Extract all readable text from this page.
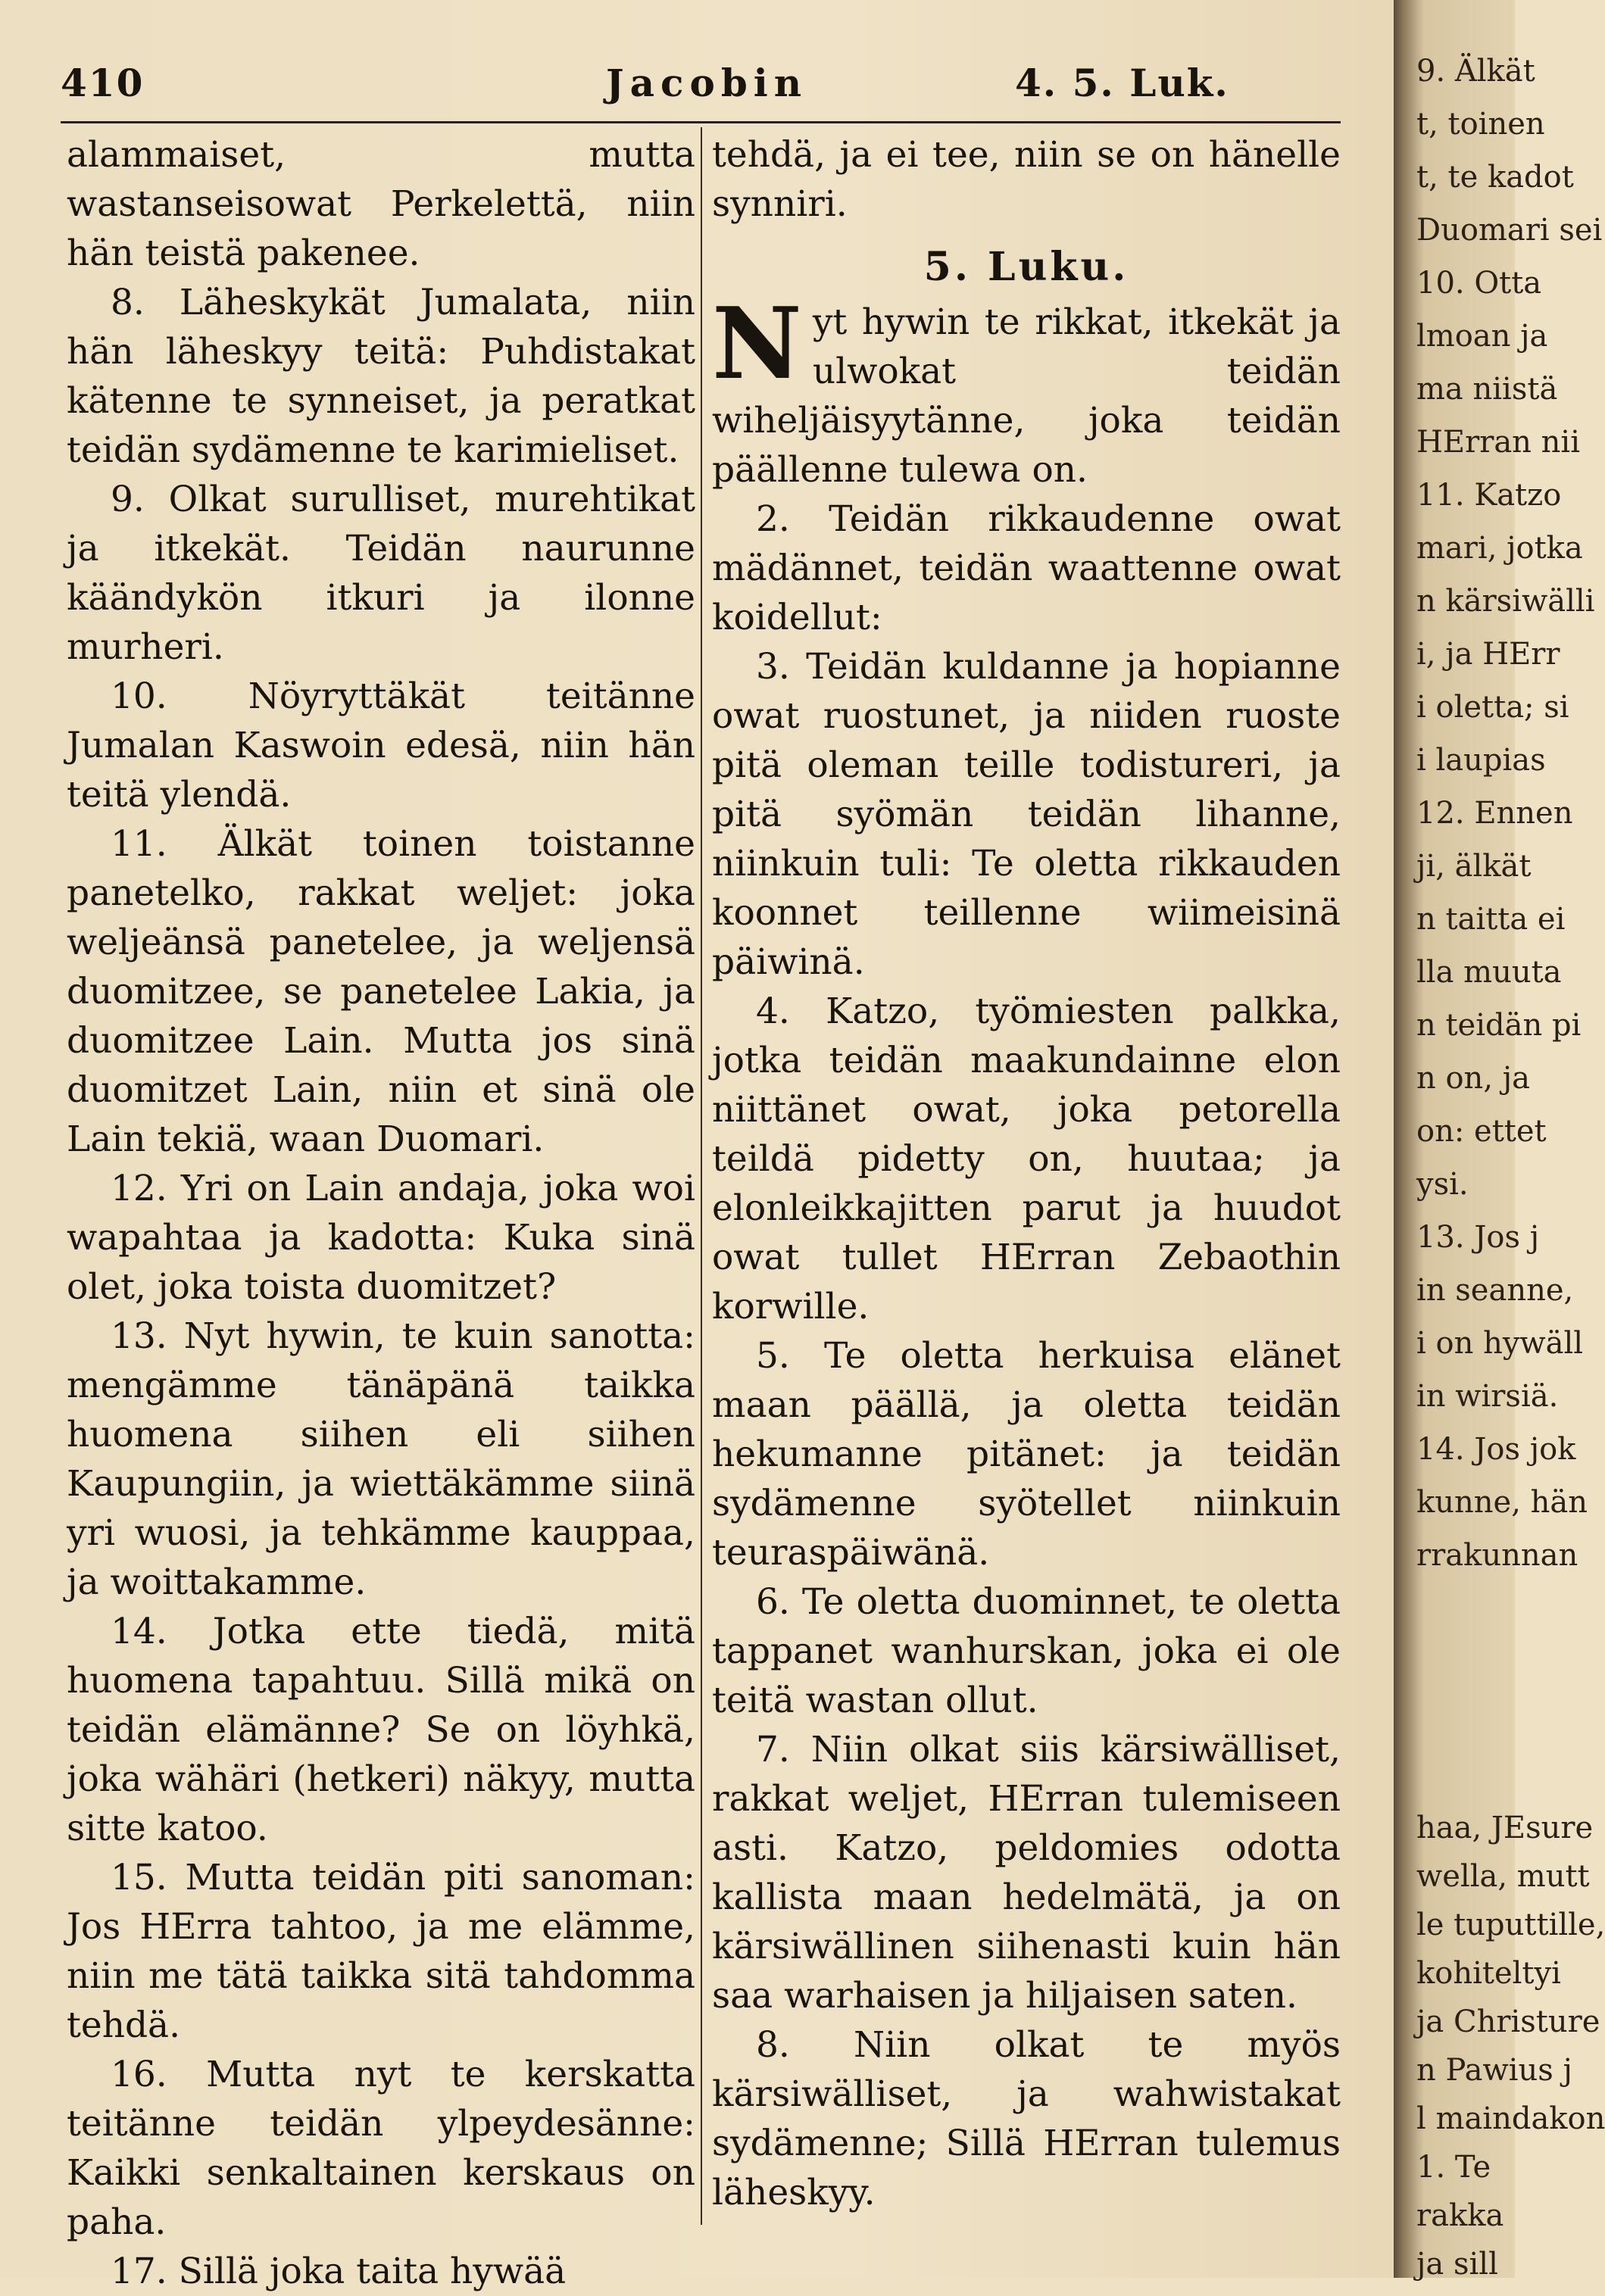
410	Jacobin	4. 5. Luk.

alammaiset, mutta wastanseisowat Perkelettä, niin hän teistä pakenee.

8. Läheskykät Jumalata, niin hän läheskyy teitä: Puhdistakat kätenne te synneiset, ja peratkat teidän sydämenne te karimieliset.

9. Olkat surulliset, murehtikat ja itkekät. Teidän naurunne käändykön itkuri ja ilonne murheri.

10. Nöyryttäkät teitänne Jumalan Kaswoin edesä, niin hän teitä ylendä.

11. Älkät toinen toistanne panetelko, rakkat weljet: joka weljeänsä panetelee, ja weljensä duomitzee, se panetelee Lakia, ja duomitzee Lain. Mutta jos sinä duomitzet Lain, niin et sinä ole Lain tekiä, waan Duomari.

12. Yri on Lain andaja, joka woi wapahtaa ja kadotta: Kuka sinä olet, joka toista duomitzet?

13. Nyt hywin, te kuin sanotta: mengämme tänäpänä taikka huomena siihen eli siihen Kaupungiin, ja wiettäkämme siinä yri wuosi, ja tehkämme kauppaa, ja woittakamme.

14. Jotka ette tiedä, mitä huomena tapahtuu. Sillä mikä on teidän elämänne? Se on löyhkä, joka wähäri (hetkeri) näkyy, mutta sitte katoo.

15. Mutta teidän piti sanoman: Jos HErra tahtoo, ja me elämme, niin me tätä taikka sitä tahdomma tehdä.

16. Mutta nyt te kerskatta teitänne teidän ylpeydesänne: Kaikki senkaltainen kerskaus on paha.

17. Sillä joka taita hywää

tehdä, ja ei tee, niin se on hänelle synniri.

5. Luku.

Nyt hywin te rikkat, itkekät ja ulwokat teidän wiheljäisyytänne, joka teidän päällenne tulewa on.

2. Teidän rikkaudenne owat mädännet, teidän waattenne owat koidellut:

3. Teidän kuldanne ja hopianne owat ruostunet, ja niiden ruoste pitä oleman teille todistureri, ja pitä syömän teidän lihanne, niinkuin tuli: Te oletta rikkauden koonnet teillenne wiimeisinä päiwinä.

4. Katzo, työmiesten palkka, jotka teidän maakundainne elon niittänet owat, joka petorella teildä pidetty on, huutaa; ja elonleikkajitten parut ja huudot owat tullet HErran Zebaothin korwille.

5. Te oletta herkuisa elänet maan päällä, ja oletta teidän hekumanne pitänet: ja teidän sydämenne syötellet niinkuin teuraspäiwänä.

6. Te oletta duominnet, te oletta tappanet wanhurskan, joka ei ole teitä wastan ollut.

7. Niin olkat siis kärsiwälliset, rakkat weljet, HErran tulemiseen asti. Katzo, peldomies odotta kallista maan hedelmätä, ja on kärsiwällinen siihenasti kuin hän saa warhaisen ja hiljaisen saten.

8. Niin olkat te myös kärsiwälliset, ja wahwistakat sydämenne; Sillä HErran tulemus läheskyy.

9. Älkät
t, toinen
t, te kadot
Duomari sei
10. Otta
lmoan ja
ma niistä
HErran nii
11. Katzo
mari, jotka
n kärsiwälli
i, ja HErr
i oletta; si
i laupias
12. Ennen
ji, älkät
n taitta ei
lla muuta
n teidän pi
n on, ja
on: ettet
ysi.
13. Jos j
in seanne,
i on hywäll
in wirsiä.
14. Jos jok
kunne, hän
rrakunnan
haa, JEsure
wella, mutt
le tuputtille,
kohiteltyi
ja Christure
n Pawius j
l maindakon
1. Te
rakka
ja sill
